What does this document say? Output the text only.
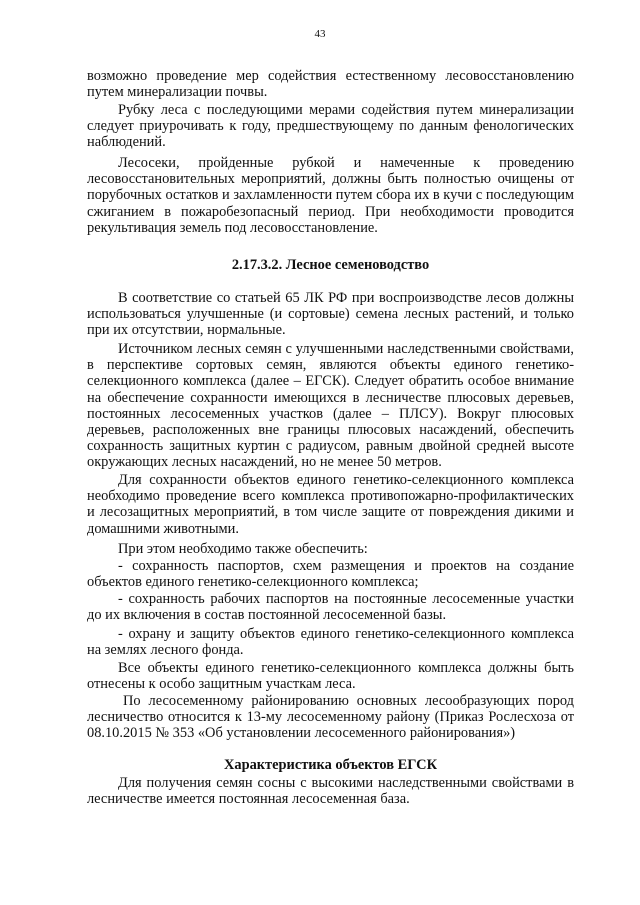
43

возможно проведение мер содействия естественному лесовосстановлению путем минерализации почвы.

Рубку леса с последующими мерами содействия путем минерализации следует приурочивать к году, предшествующему по данным фенологических наблюдений.

Лесосеки, пройденные рубкой и намеченные к проведению лесовосстановительных мероприятий, должны быть полностью очищены от порубочных остатков и захламленности путем сбора их в кучи с последующим сжиганием в пожаробезопасный период. При необходимости проводится рекультивация земель под лесовосстановление.

2.17.3.2. Лесное семеноводство

В соответствие со статьей 65 ЛК РФ при воспроизводстве лесов должны использоваться улучшенные (и сортовые) семена лесных растений, и только при их отсутствии, нормальные.

Источником лесных семян с улучшенными наследственными свойствами, в перспективе сортовых семян, являются объекты единого генетико-селекционного комплекса (далее – ЕГСК). Следует обратить особое внимание на обеспечение сохранности имеющихся в лесничестве плюсовых деревьев, постоянных лесосеменных участков (далее – ПЛСУ). Вокруг плюсовых деревьев, расположенных вне границы плюсовых насаждений, обеспечить сохранность защитных куртин с радиусом, равным двойной средней высоте окружающих лесных насаждений, но не менее 50 метров.

Для сохранности объектов единого генетико-селекционного комплекса необходимо проведение всего комплекса противопожарно-профилактических и лесозащитных мероприятий, в том числе защите от повреждения дикими и домашними животными.

При этом необходимо также обеспечить:

- сохранность паспортов, схем размещения и проектов на создание объектов единого генетико-селекционного комплекса;

- сохранность рабочих паспортов на постоянные лесосеменные участки до их включения в состав постоянной лесосеменной базы.

- охрану и защиту объектов единого генетико-селекционного комплекса на землях лесного фонда.

Все объекты единого генетико-селекционного комплекса должны быть отнесены к особо защитным участкам леса.

По лесосеменному районированию основных лесообразующих пород лесничество относится к 13-му лесосеменному району (Приказ Рослесхоза от 08.10.2015 № 353 «Об установлении лесосеменного районирования»)

Характеристика объектов ЕГСК

Для получения семян сосны с высокими наследственными свойствами в лесничестве имеется постоянная лесосеменная база.
